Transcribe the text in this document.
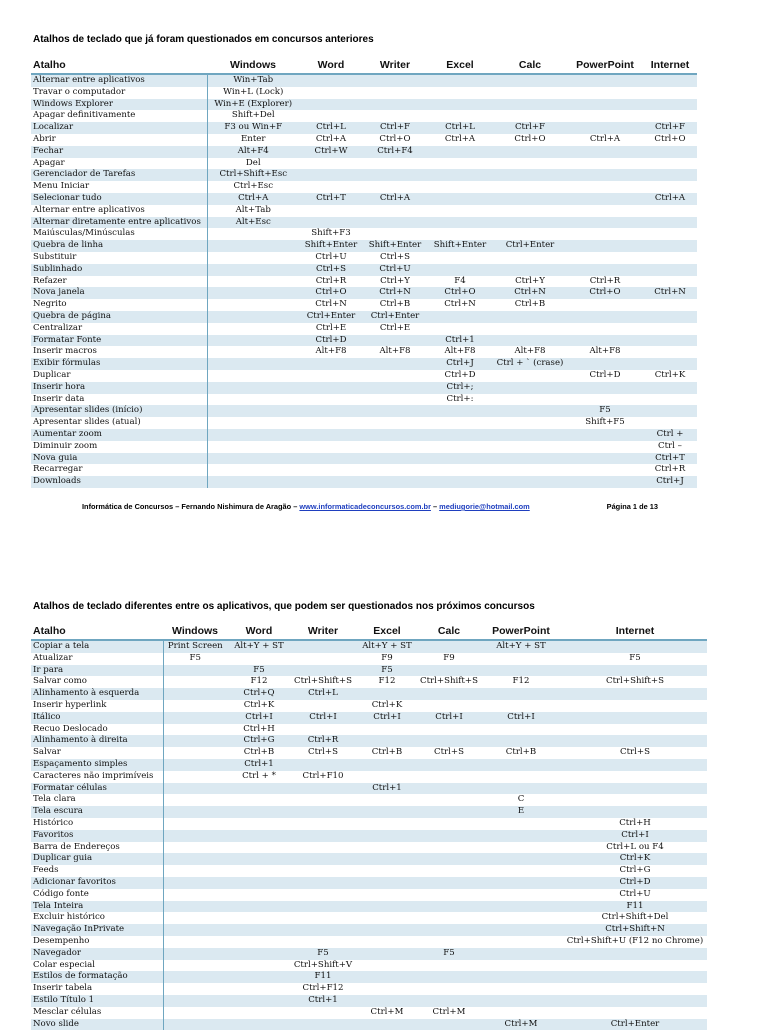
Atalhos de teclado que já foram questionados em concursos anteriores
Atalho	Windows	Word	Writer	Excel	Calc	PowerPoint	Internet
Alternar entre aplicativos	Win+Tab						
Travar o computador	Win+L (Lock)						
Windows Explorer	Win+E (Explorer)						
Apagar definitivamente	Shift+Del						
Localizar	F3 ou Win+F	Ctrl+L	Ctrl+F	Ctrl+L	Ctrl+F		Ctrl+F
Abrir	Enter	Ctrl+A	Ctrl+O	Ctrl+A	Ctrl+O	Ctrl+A	Ctrl+O
Fechar	Alt+F4	Ctrl+W	Ctrl+F4				
Apagar	Del						
Gerenciador de Tarefas	Ctrl+Shift+Esc						
Menu Iniciar	Ctrl+Esc						
Selecionar tudo	Ctrl+A	Ctrl+T	Ctrl+A				Ctrl+A
Alternar entre aplicativos	Alt+Tab						
Alternar diretamente entre aplicativos	Alt+Esc						
Maiúsculas/Minúsculas		Shift+F3					
Quebra de linha		Shift+Enter	Shift+Enter	Shift+Enter	Ctrl+Enter		
Substituir		Ctrl+U	Ctrl+S				
Sublinhado		Ctrl+S	Ctrl+U				
Refazer		Ctrl+R	Ctrl+Y	F4	Ctrl+Y	Ctrl+R	
Nova janela		Ctrl+O	Ctrl+N	Ctrl+O	Ctrl+N	Ctrl+O	Ctrl+N
Negrito		Ctrl+N	Ctrl+B	Ctrl+N	Ctrl+B		
Quebra de página		Ctrl+Enter	Ctrl+Enter				
Centralizar		Ctrl+E	Ctrl+E				
Formatar Fonte		Ctrl+D		Ctrl+1			
Inserir macros		Alt+F8	Alt+F8	Alt+F8	Alt+F8	Alt+F8	
Exibir fórmulas				Ctrl+J	Ctrl + ` (crase)		
Duplicar				Ctrl+D		Ctrl+D	Ctrl+K
Inserir hora				Ctrl+;			
Inserir data				Ctrl+:			
Apresentar slides (início)						F5	
Apresentar slides (atual)						Shift+F5	
Aumentar zoom							Ctrl +
Diminuir zoom							Ctrl –
Nova guia							Ctrl+T
Recarregar							Ctrl+R
Downloads							Ctrl+J
Informática de Concursos – Fernando Nishimura de Aragão – www.informaticadeconcursos.com.br – mediugorie@hotmail.com	Página 1 de 13
Atalhos de teclado diferentes entre os aplicativos, que podem ser questionados nos próximos concursos
Atalho	Windows	Word	Writer	Excel	Calc	PowerPoint	Internet
Copiar a tela	Print Screen	Alt+Y + ST		Alt+Y + ST		Alt+Y + ST	
Atualizar	F5			F9	F9		F5
Ir para		F5		F5			
Salvar como		F12	Ctrl+Shift+S	F12	Ctrl+Shift+S	F12	Ctrl+Shift+S
Alinhamento à esquerda		Ctrl+Q	Ctrl+L				
Inserir hyperlink		Ctrl+K		Ctrl+K			
Itálico		Ctrl+I	Ctrl+I	Ctrl+I	Ctrl+I	Ctrl+I	
Recuo Deslocado		Ctrl+H					
Alinhamento à direita		Ctrl+G	Ctrl+R				
Salvar		Ctrl+B	Ctrl+S	Ctrl+B	Ctrl+S	Ctrl+B	Ctrl+S
Espaçamento simples		Ctrl+1					
Caracteres não imprimíveis		Ctrl + *	Ctrl+F10				
Formatar células				Ctrl+1			
Tela clara						C	
Tela escura						E	
Histórico							Ctrl+H
Favoritos							Ctrl+I
Barra de Endereços							Ctrl+L ou F4
Duplicar guia							Ctrl+K
Feeds							Ctrl+G
Adicionar favoritos							Ctrl+D
Código fonte							Ctrl+U
Tela Inteira							F11
Excluir histórico							Ctrl+Shift+Del
Navegação InPrivate							Ctrl+Shift+N
Desempenho							Ctrl+Shift+U (F12 no Chrome)
Navegador			F5		F5		
Colar especial			Ctrl+Shift+V				
Estilos de formatação			F11				
Inserir tabela			Ctrl+F12				
Estilo Título 1			Ctrl+1				
Mesclar células				Ctrl+M	Ctrl+M		
Novo slide						Ctrl+M	Ctrl+Enter
